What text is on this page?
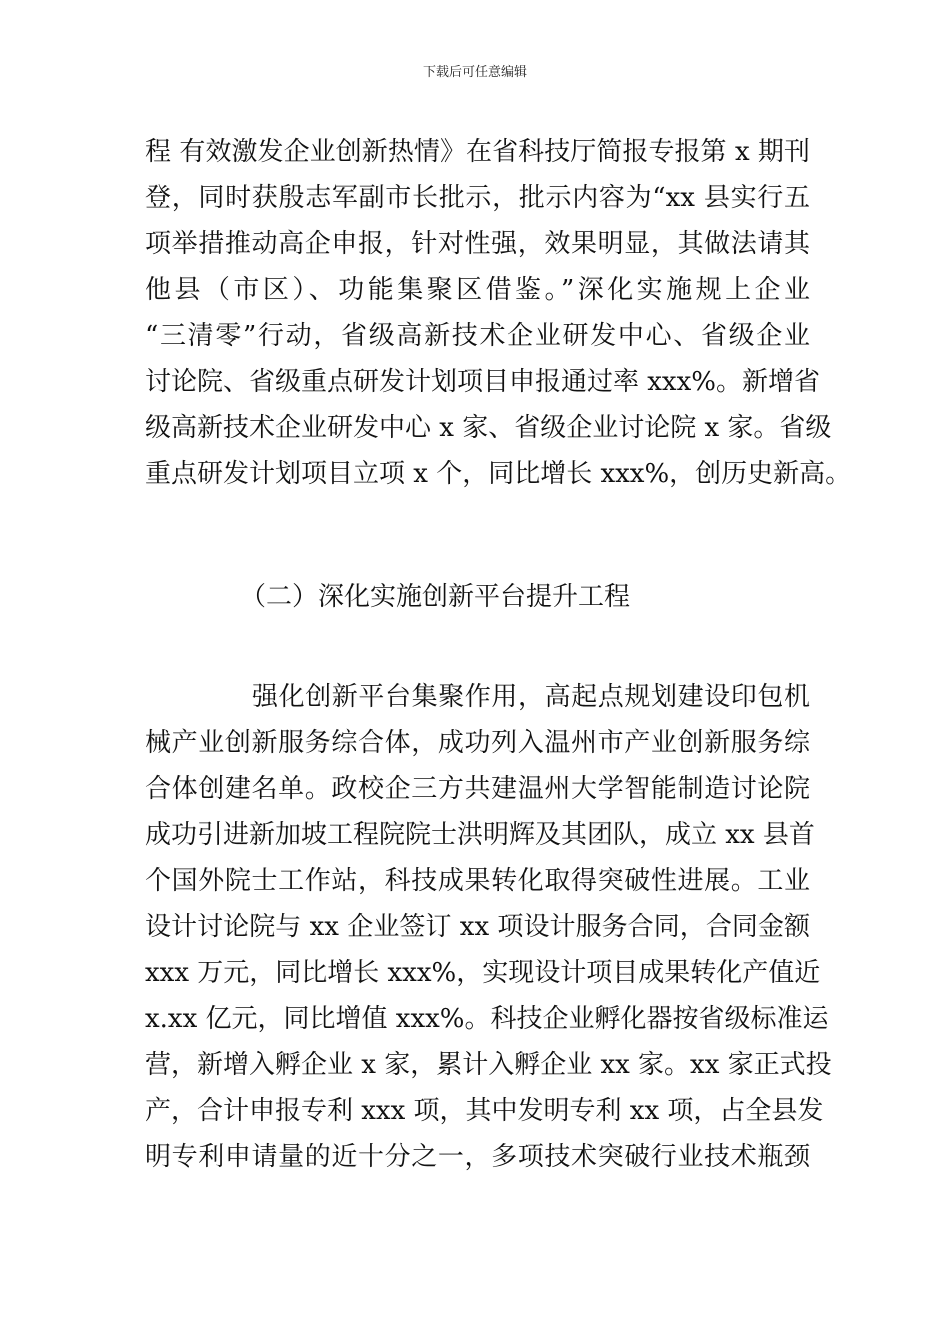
下载后可任意编辑
程 有效激发企业创新热情》在省科技厅简报专报第 x 期刊
登，同时获殷志军副市长批示，批示内容为“xx 县实行五
项举措推动高企申报，针对性强，效果明显，其做法请其
他县（市区）、功能集聚区借鉴。”深化实施规上企业
“三清零”行动，省级高新技术企业研发中心、省级企业
讨论院、省级重点研发计划项目申报通过率 xxx%。新增省
级高新技术企业研发中心 x 家、省级企业讨论院 x 家。省级
重点研发计划项目立项 x 个，同比增长 xxx%，创历史新高。
（二）深化实施创新平台提升工程
强化创新平台集聚作用，高起点规划建设印包机
械产业创新服务综合体，成功列入温州市产业创新服务综
合体创建名单。政校企三方共建温州大学智能制造讨论院
成功引进新加坡工程院院士洪明辉及其团队，成立 xx 县首
个国外院士工作站，科技成果转化取得突破性进展。工业
设计讨论院与 xx 企业签订 xx 项设计服务合同，合同金额
xxx 万元，同比增长 xxx%，实现设计项目成果转化产值近
x.xx 亿元，同比增值 xxx%。科技企业孵化器按省级标准运
营，新增入孵企业 x 家，累计入孵企业 xx 家。xx 家正式投
产，合计申报专利 xxx 项，其中发明专利 xx 项，占全县发
明专利申请量的近十分之一，多项技术突破行业技术瓶颈
